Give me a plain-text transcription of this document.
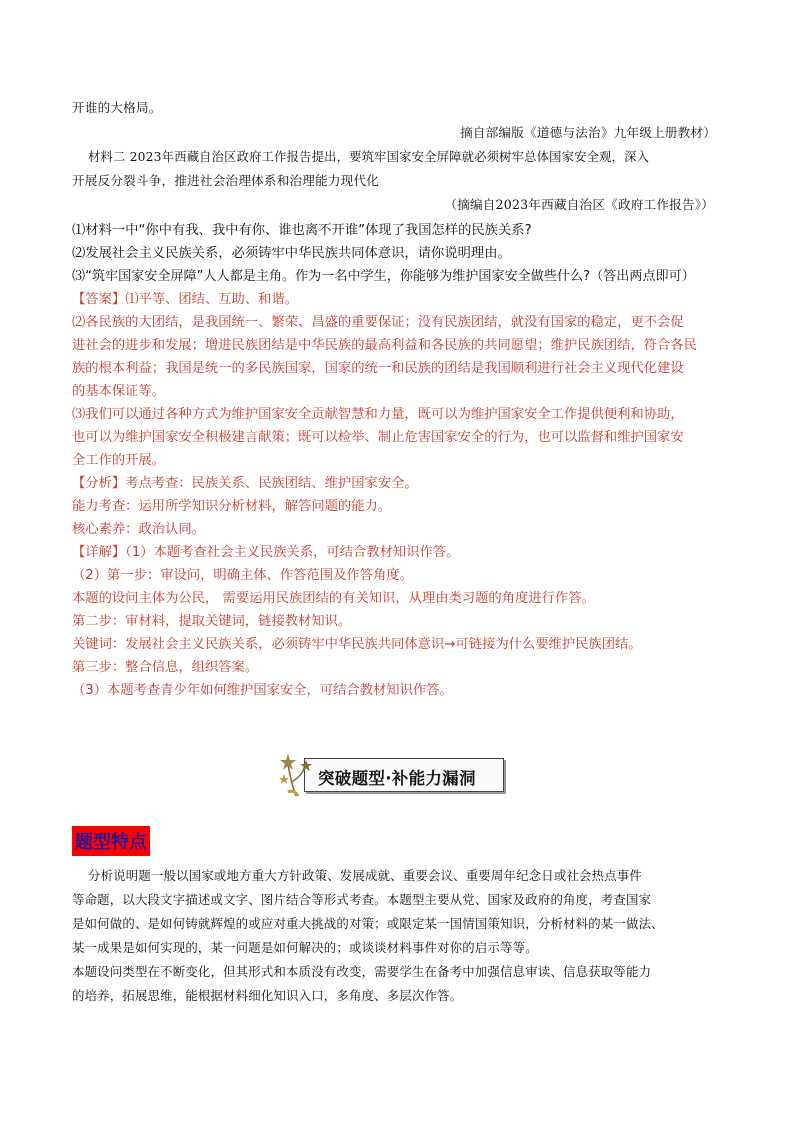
开谁的大格局。
摘自部编版《道德与法治》九年级上册教材）
材料二 2023年西藏自治区政府工作报告提出，要筑牢国家安全屏障就必须树牢总体国家安全观，深入
开展反分裂斗争，推进社会治理体系和治理能力现代化
（摘编自2023年西藏自治区《政府工作报告》）
⑴材料一中“你中有我、我中有你、谁也离不开谁”体现了我国怎样的民族关系?
⑵发展社会主义民族关系，必须铸牢中华民族共同体意识，请你说明理由。
⑶“筑牢国家安全屏障”人人都是主角。作为一名中学生，你能够为维护国家安全做些什么?（答出两点即可）
【答案】⑴平等、团结、互助、和谐。
⑵各民族的大团结，是我国统一、繁荣、昌盛的重要保证；没有民族团结，就没有国家的稳定，更不会促
进社会的进步和发展；增进民族团结是中华民族的最高利益和各民族的共同愿望；维护民族团结，符合各民
族的根本利益；我国是统一的多民族国家，国家的统一和民族的团结是我国顺利进行社会主义现代化建设
的基本保证等。
⑶我们可以通过各种方式为维护国家安全贡献智慧和力量，既可以为维护国家安全工作提供便利和协助，
也可以为维护国家安全积极建言献策；既可以检举、制止危害国家安全的行为，也可以监督和维护国家安
全工作的开展。
【分析】考点考查：民族关系、民族团结、维护国家安全。
能力考查：运用所学知识分析材料，解答问题的能力。
核心素养：政治认同。
【详解】（1）本题考查社会主义民族关系，可结合教材知识作答。
（2）第一步：审设问，明确主体、作答范围及作答角度。
本题的设问主体为公民， 需要运用民族团结的有关知识，从理由类习题的角度进行作答。
第二步：审材料，提取关键词，链接教材知识。
关键词：发展社会主义民族关系，必须铸牢中华民族共同体意识→可链接为什么要维护民族团结。
第三步：整合信息，组织答案。
（3）本题考查青少年如何维护国家安全，可结合教材知识作答。
突破题型·补能力漏洞
题型特点
分析说明题一般以国家或地方重大方针政策、发展成就、重要会议、重要周年纪念日或社会热点事件
等命题，以大段文字描述或文字、图片结合等形式考查。本题型主要从党、国家及政府的角度，考查国家
是如何做的、是如何铸就辉煌的或应对重大挑战的对策；或限定某一国情国策知识，分析材料的某一做法、
某一成果是如何实现的，某一问题是如何解决的；或谈谈材料事件对你的启示等等。
本题设问类型在不断变化，但其形式和本质没有改变，需要学生在备考中加强信息审读、信息获取等能力
的培养，拓展思维，能根据材料细化知识入口，多角度、多层次作答。
